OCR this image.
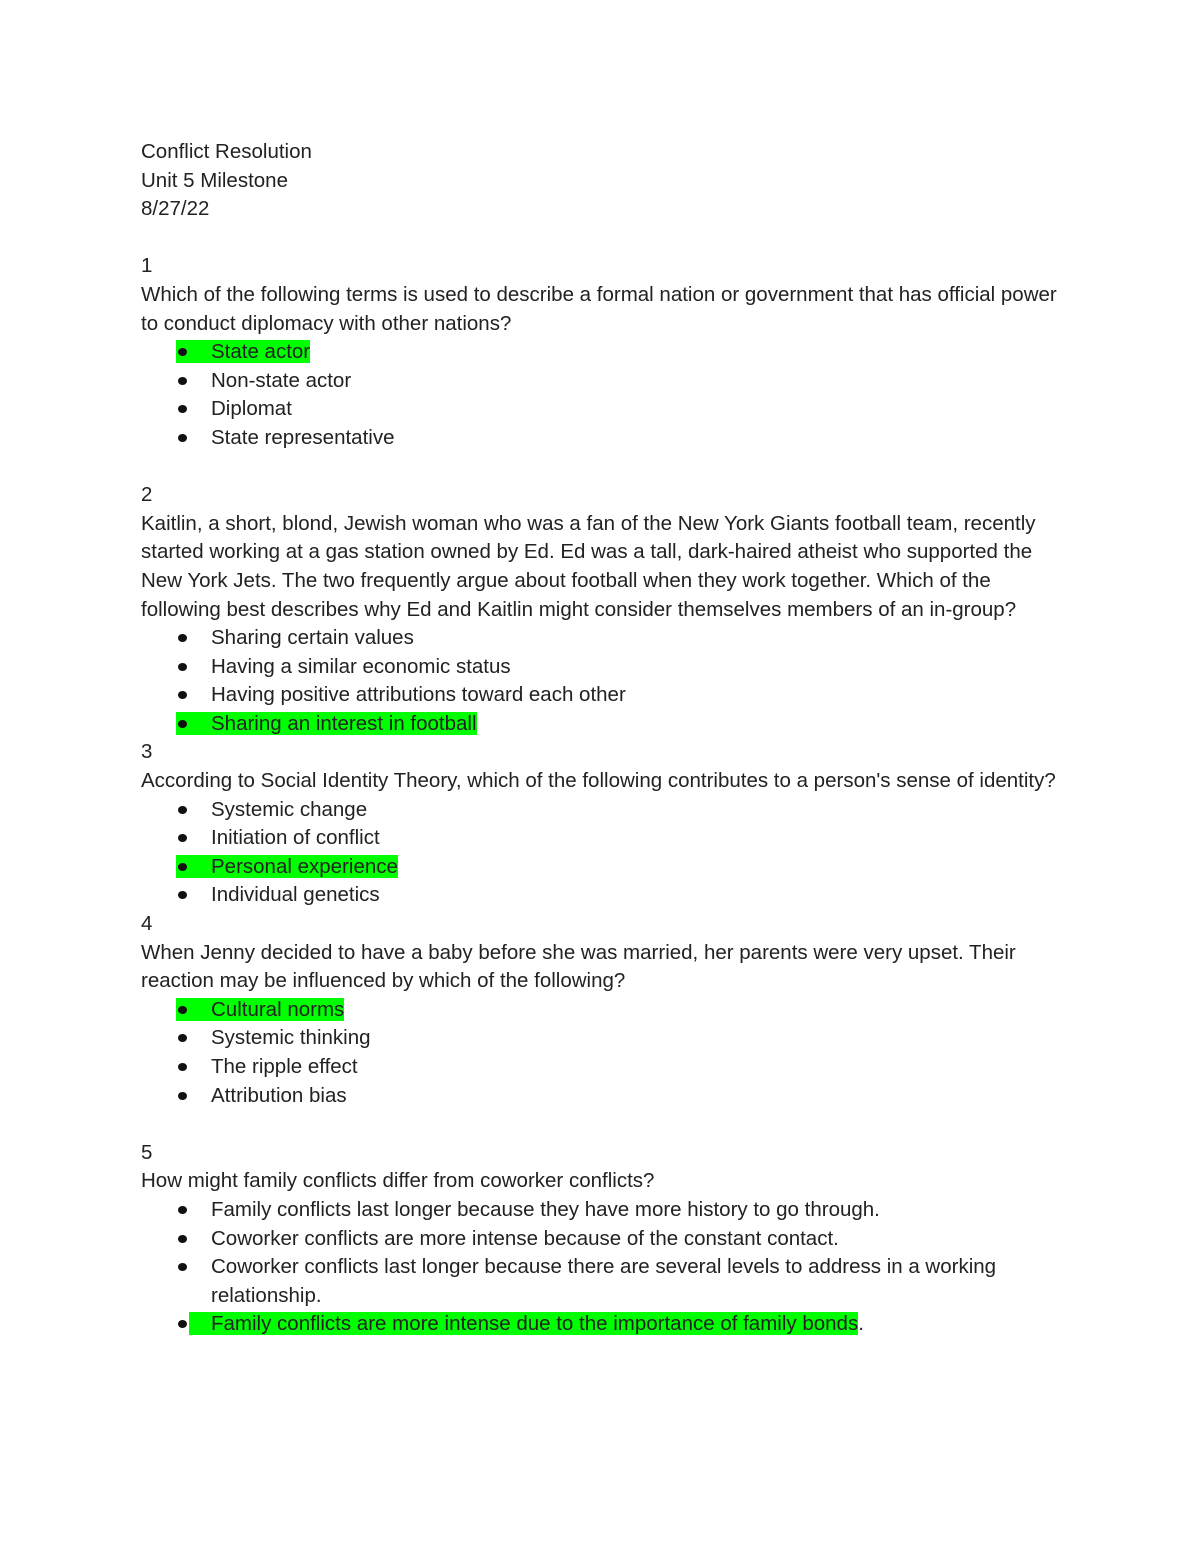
Conflict Resolution
Unit 5 Milestone
8/27/22
1
Which of the following terms is used to describe a formal nation or government that has official power to conduct diplomacy with other nations?
State actor
Non-state actor
Diplomat
State representative
2
Kaitlin, a short, blond, Jewish woman who was a fan of the New York Giants football team, recently started working at a gas station owned by Ed. Ed was a tall, dark-haired atheist who supported the New York Jets. The two frequently argue about football when they work together. Which of the following best describes why Ed and Kaitlin might consider themselves members of an in-group?
Sharing certain values
Having a similar economic status
Having positive attributions toward each other
Sharing an interest in football
3
According to Social Identity Theory, which of the following contributes to a person's sense of identity?
Systemic change
Initiation of conflict
Personal experience
Individual genetics
4
When Jenny decided to have a baby before she was married, her parents were very upset. Their reaction may be influenced by which of the following?
Cultural norms
Systemic thinking
The ripple effect
Attribution bias
5
How might family conflicts differ from coworker conflicts?
Family conflicts last longer because they have more history to go through.
Coworker conflicts are more intense because of the constant contact.
Coworker conflicts last longer because there are several levels to address in a working relationship.
Family conflicts are more intense due to the importance of family bonds.
